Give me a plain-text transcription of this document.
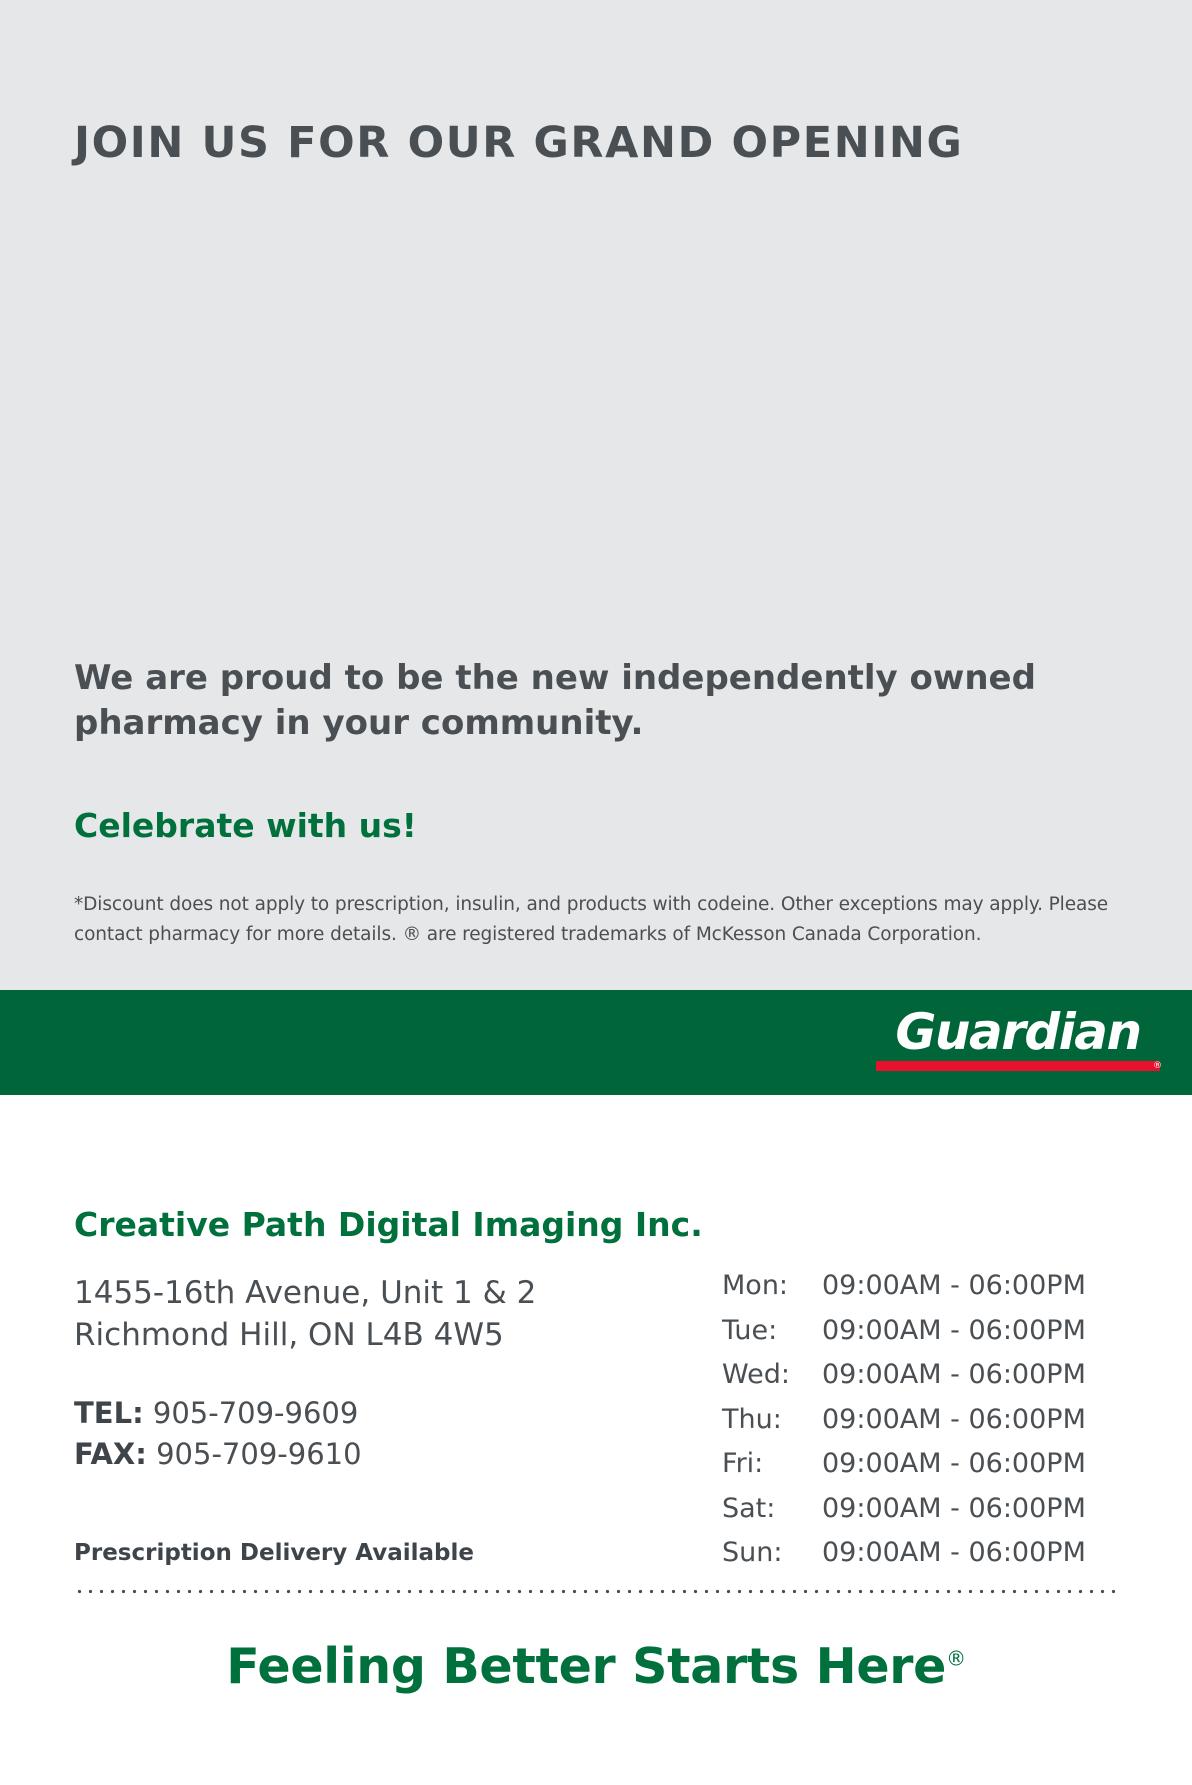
JOIN US FOR OUR GRAND OPENING
We are proud to be the new independently owned pharmacy in your community.
Celebrate with us!
*Discount does not apply to prescription, insulin, and products with codeine. Other exceptions may apply. Please contact pharmacy for more details. ® are registered trademarks of McKesson Canada Corporation.
Guardian
®
Creative Path Digital Imaging Inc.
1455-16th Avenue, Unit 1 & 2
Richmond Hill, ON L4B 4W5
TEL: 905-709-9609
FAX: 905-709-9610
Prescription Delivery Available
Mon:	09:00AM - 06:00PM
Tue:	09:00AM - 06:00PM
Wed:	09:00AM - 06:00PM
Thu:	09:00AM - 06:00PM
Fri:	09:00AM - 06:00PM
Sat:	09:00AM - 06:00PM
Sun:	09:00AM - 06:00PM
Feeling Better Starts Here®
